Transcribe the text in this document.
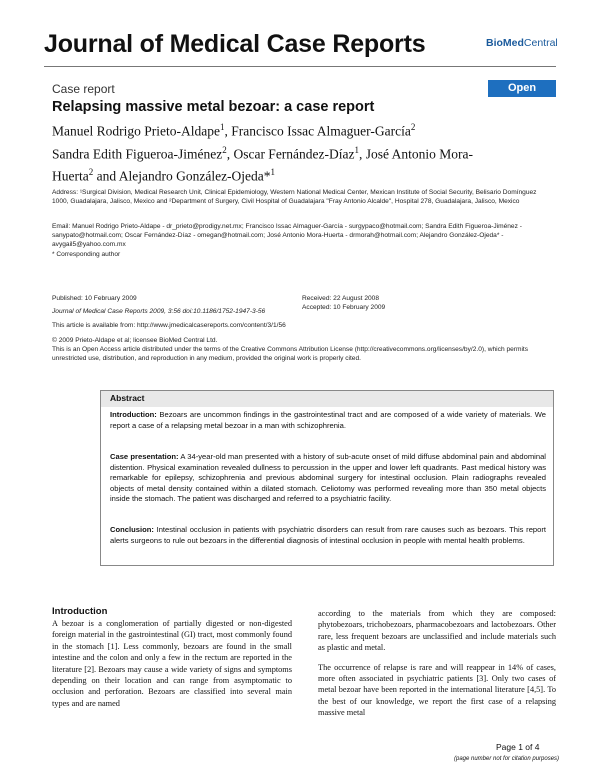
Journal of Medical Case Reports	BioMedCentral
Case report	Open Access
Relapsing massive metal bezoar: a case report
Manuel Rodrigo Prieto-Aldape$^1$, Francisco Issac Almaguer-García$^2$
Sandra Edith Figueroa-Jiménez$^2$, Oscar Fernández-Díaz$^1$, José Antonio Mora-
Huerta$^2$ and Alejandro González-Ojeda*$^1$
Address: ¹Surgical Division, Medical Research Unit, Clinical Epidemiology, Western National Medical Center, Mexican Institute of Social Security, Belisario Domínguez 1000, Guadalajara, Jalisco, Mexico and ²Department of Surgery, Civil Hospital of Guadalajara "Fray Antonio Alcalde", Hospital 278, Guadalajara, Jalisco, Mexico
Email: Manuel Rodrigo Prieto-Aldape - dr_prieto@prodigy.net.mx; Francisco Issac Almaguer-García - surgypaco@hotmail.com; Sandra Edith Figueroa-Jiménez - sanypato@hotmail.com; Oscar Fernández-Díaz - omegan@hotmail.com; José Antonio Mora-Huerta - drmorah@hotmail.com; Alejandro González-Ojeda* - avygail5@yahoo.com.mx
* Corresponding author
Published: 10 February 2009
Journal of Medical Case Reports 2009, 3:56 doi:10.1186/1752-1947-3-56
Received: 22 August 2008
Accepted: 10 February 2009
This article is available from: http://www.jmedicalcasereports.com/content/3/1/56
© 2009 Prieto-Aldape et al; licensee BioMed Central Ltd.
This is an Open Access article distributed under the terms of the Creative Commons Attribution License (http://creativecommons.org/licenses/by/2.0), which permits unrestricted use, distribution, and reproduction in any medium, provided the original work is properly cited.
Abstract
Introduction: Bezoars are uncommon findings in the gastrointestinal tract and are composed of a wide variety of materials. We report a case of a relapsing metal bezoar in a man with schizophrenia.
Case presentation: A 34-year-old man presented with a history of sub-acute onset of mild diffuse abdominal pain and abdominal distention. Physical examination revealed dullness to percussion in the upper and lower left quadrants. Past medical history was remarkable for epilepsy, schizophrenia and previous abdominal surgery for intestinal occlusion. Plain radiographs revealed objects of metal density contained within a dilated stomach. Celiotomy was performed revealing more than 350 metal objects inside the stomach. The patient was discharged and referred to a psychiatric facility.
Conclusion: Intestinal occlusion in patients with psychiatric disorders can result from rare causes such as bezoars. This report alerts surgeons to rule out bezoars in the differential diagnosis of intestinal occlusion in people with mental health problems.
Introduction
A bezoar is a conglomeration of partially digested or non-digested foreign material in the gastrointestinal (GI) tract, most commonly found in the stomach [1]. Less commonly, bezoars are found in the small intestine and the colon and only a few in the rectum are reported in the literature [2]. Bezoars may cause a wide variety of signs and symptoms depending on their location and can range from asymptomatic to occlusion and perforation. Bezoars are classified into several main types and are named
according to the materials from which they are composed: phytobezoars, trichobezoars, pharmacobezoars and lactobezoars. Other rare, less frequent bezoars are unclassified and include materials such as plastic and metal.
The occurrence of relapse is rare and will reappear in 14% of cases, more often associated in psychiatric patients [3]. Only two cases of metal bezoar have been reported in the international literature [4,5]. To the best of our knowledge, we report the first case of a relapsing massive metal
Page 1 of 4
(page number not for citation purposes)
